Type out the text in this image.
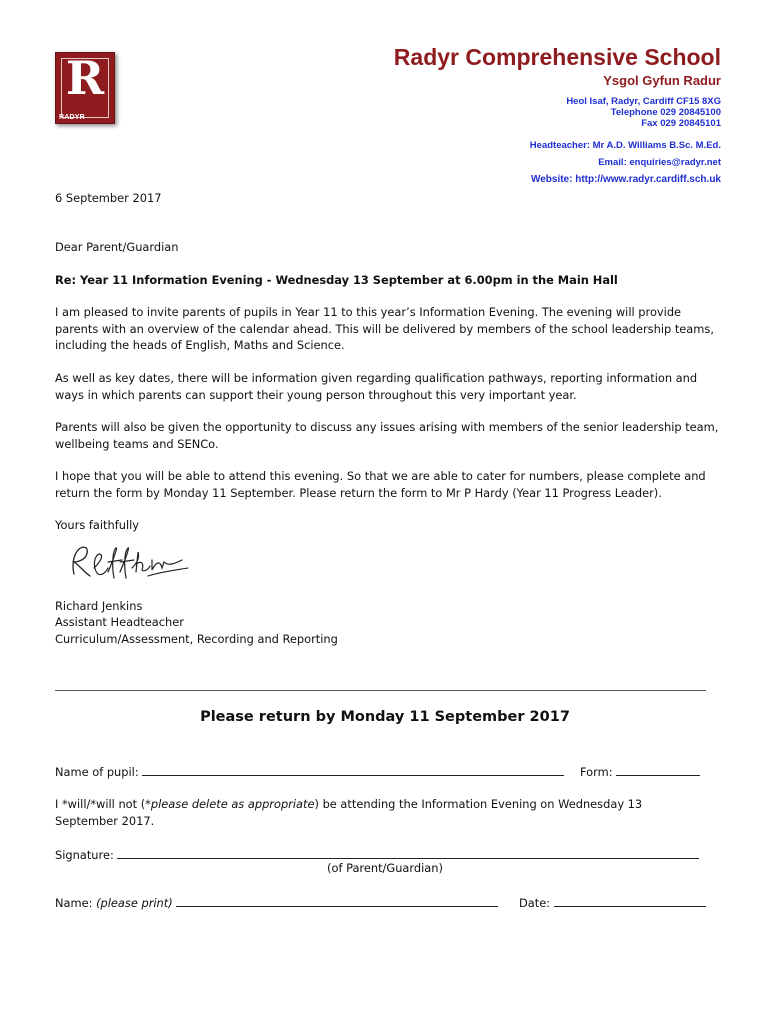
R
RADYR
Radyr Comprehensive School
Ysgol Gyfun Radur
Heol Isaf, Radyr, Cardiff CF15 8XG
Telephone 029 20845100
Fax 029 20845101
Headteacher: Mr A.D. Williams B.Sc. M.Ed.
Email: enquiries@radyr.net
Website: http://www.radyr.cardiff.sch.uk
6 September 2017
Dear Parent/Guardian
Re: Year 11 Information Evening - Wednesday 13 September at 6.00pm in the Main Hall
I am pleased to invite parents of pupils in Year 11 to this year’s Information Evening. The evening will provide parents with an overview of the calendar ahead. This will be delivered by members of the school leadership teams, including the heads of English, Maths and Science.
As well as key dates, there will be information given regarding qualification pathways, reporting information and ways in which parents can support their young person throughout this very important year.
Parents will also be given the opportunity to discuss any issues arising with members of the senior leadership team, wellbeing teams and SENCo.
I hope that you will be able to attend this evening. So that we are able to cater for numbers, please complete and return the form by Monday 11 September. Please return the form to Mr P Hardy (Year 11 Progress Leader).
Yours faithfully
R Jenkins
Richard Jenkins
Assistant Headteacher
Curriculum/Assessment, Recording and Reporting
Please return by Monday 11 September 2017
Name of pupil:	Form:
I *will/*will not (*please delete as appropriate) be attending the Information Evening on Wednesday 13 September 2017.
Signature:
(of Parent/Guardian)
Name: (please print)	Date:
